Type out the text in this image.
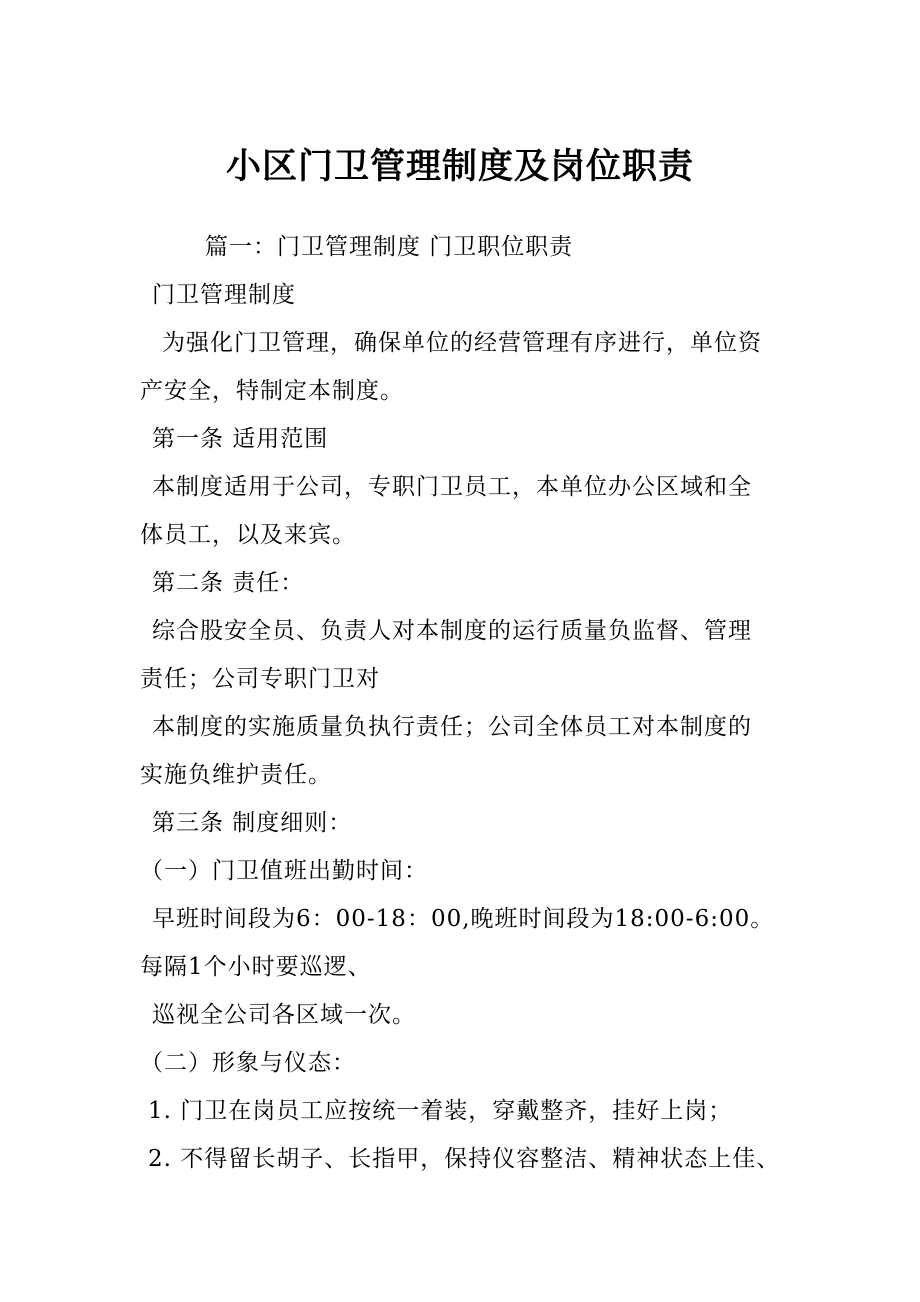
小区门卫管理制度及岗位职责
篇一：门卫管理制度 门卫职位职责
门卫管理制度
为强化门卫管理，确保单位的经营管理有序进行，单位资
产安全，特制定本制度。
第一条 适用范围
本制度适用于公司，专职门卫员工，本单位办公区域和全
体员工，以及来宾。
第二条 责任：
综合股安全员、负责人对本制度的运行质量负监督、管理
责任；公司专职门卫对
本制度的实施质量负执行责任；公司全体员工对本制度的
实施负维护责任。
第三条 制度细则：
（一）门卫值班出勤时间：
早班时间段为6：00-18：00,晚班时间段为18:00-6:00。
每隔1个小时要巡逻、
巡视全公司各区域一次。
（二）形象与仪态：
1. 门卫在岗员工应按统一着装，穿戴整齐，挂好上岗；
2. 不得留长胡子、长指甲，保持仪容整洁、精神状态上佳、
